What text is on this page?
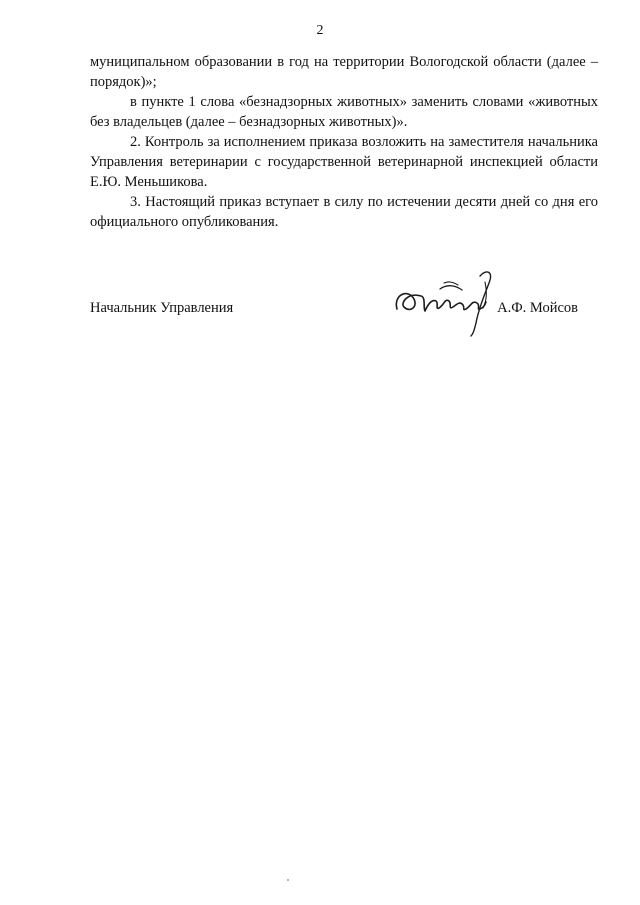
2

муниципальном образовании в год на территории Вологодской области (далее – порядок)»;

в пункте 1 слова «безнадзорных животных» заменить словами «животных без владельцев (далее – безнадзорных животных)».

2. Контроль за исполнением приказа возложить на заместителя начальника Управления ветеринарии с государственной ветеринарной инспекцией области Е.Ю. Меньшикова.

3. Настоящий приказ вступает в силу по истечении десяти дней со дня его официального опубликования.

Начальник Управления	А.Ф. Мойсов
